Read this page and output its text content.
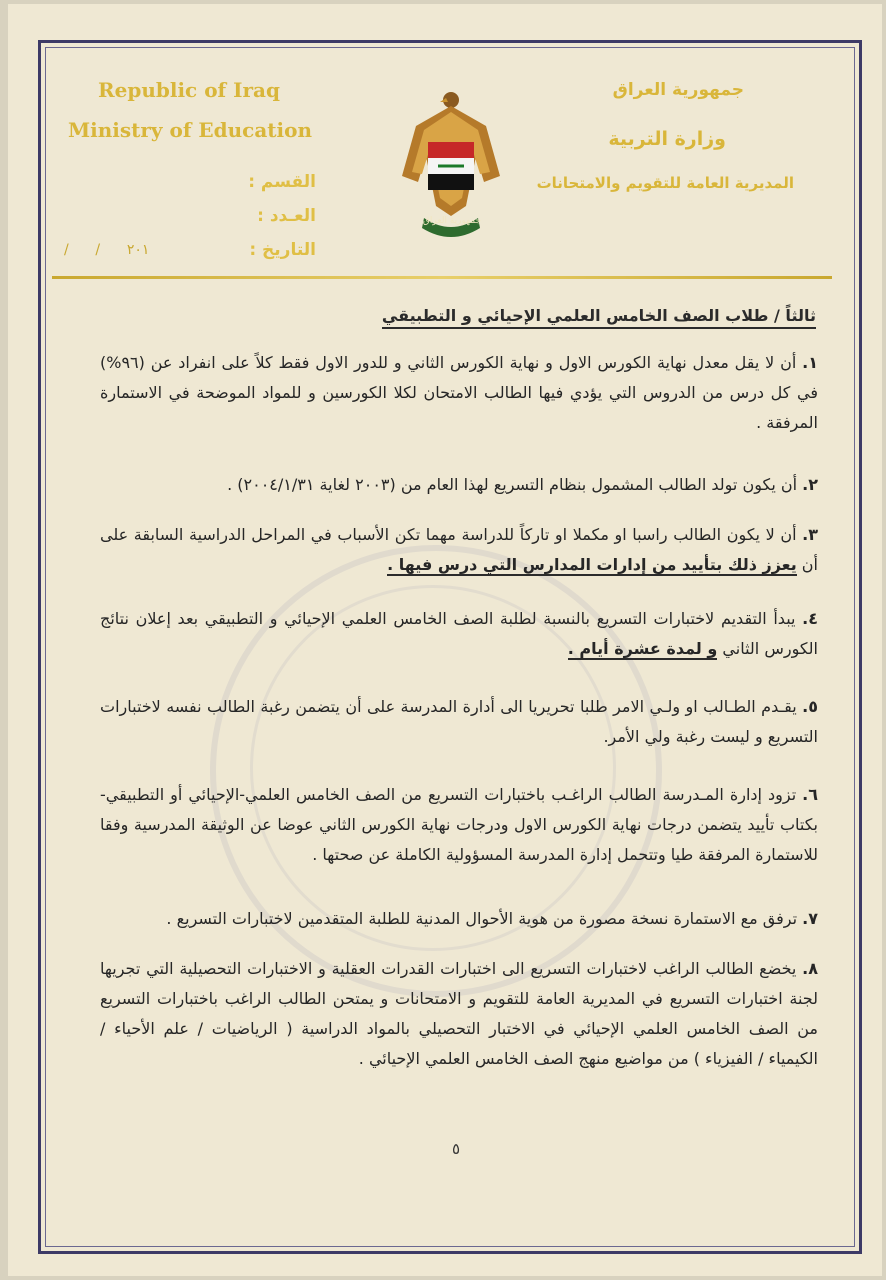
Republic of Iraq
Ministry of Education
جمهورية العراق
وزارة التربية
المديرية العامة للتقويم والامتحانات
القسم :
العـدد :
التاريخ :
/      /      ٢٠١
جمهورية العراق
ثالثاً / طلاب الصف الخامس العلمي الإحيائي و التطبيقي
١. أن لا يقل معدل نهاية الكورس الاول و نهاية الكورس الثاني و للدور الاول فقط كلاً على انفراد عن (٩٦%) في كل درس من الدروس التي يؤدي فيها الطالب الامتحان لكلا الكورسين و للمواد الموضحة في الاستمارة المرفقة .
٢. أن يكون تولد الطالب المشمول بنظام التسريع لهذا العام من (٢٠٠٣ لغاية ٢٠٠٤/١/٣١) .
٣. أن لا يكون الطالب راسبا او مكملا او تاركاً للدراسة مهما تكن الأسباب في المراحل الدراسية السابقة على أن يعزز ذلك بتأييد من إدارات المدارس التي درس فيها .
٤. يبدأ التقديم لاختبارات التسريع بالنسبة لطلبة الصف الخامس العلمي الإحيائي و التطبيقي بعد إعلان نتائج الكورس الثاني و لمدة عشرة أيام .
٥. يقـدم الطـالب او ولـي الامر طلبا تحريريا الى أدارة المدرسة على أن يتضمن رغبة الطالب نفسه لاختبارات التسريع و ليست رغبة ولي الأمر.
٦. تزود إدارة المـدرسة الطالب الراغـب باختبارات التسريع من الصف الخامس العلمي-الإحيائي أو التطبيقي-بكتاب تأييد يتضمن درجات نهاية الكورس الاول ودرجات نهاية الكورس الثاني عوضا عن الوثيقة المدرسية وفقا للاستمارة المرفقة طيا وتتحمل إدارة المدرسة المسؤولية الكاملة عن صحتها .
٧. ترفق مع الاستمارة نسخة مصورة من هوية الأحوال المدنية للطلبة المتقدمين لاختبارات التسريع .
٨. يخضع الطالب الراغب لاختبارات التسريع الى اختبارات القدرات العقلية و الاختبارات التحصيلية التي تجريها لجنة اختبارات التسريع في المديرية العامة للتقويم و الامتحانات و يمتحن الطالب الراغب باختبارات التسريع من الصف الخامس العلمي الإحيائي في الاختبار التحصيلي بالمواد الدراسية ( الرياضيات / علم الأحياء / الكيمياء / الفيزياء ) من مواضيع منهج الصف الخامس العلمي الإحيائي .
٥
